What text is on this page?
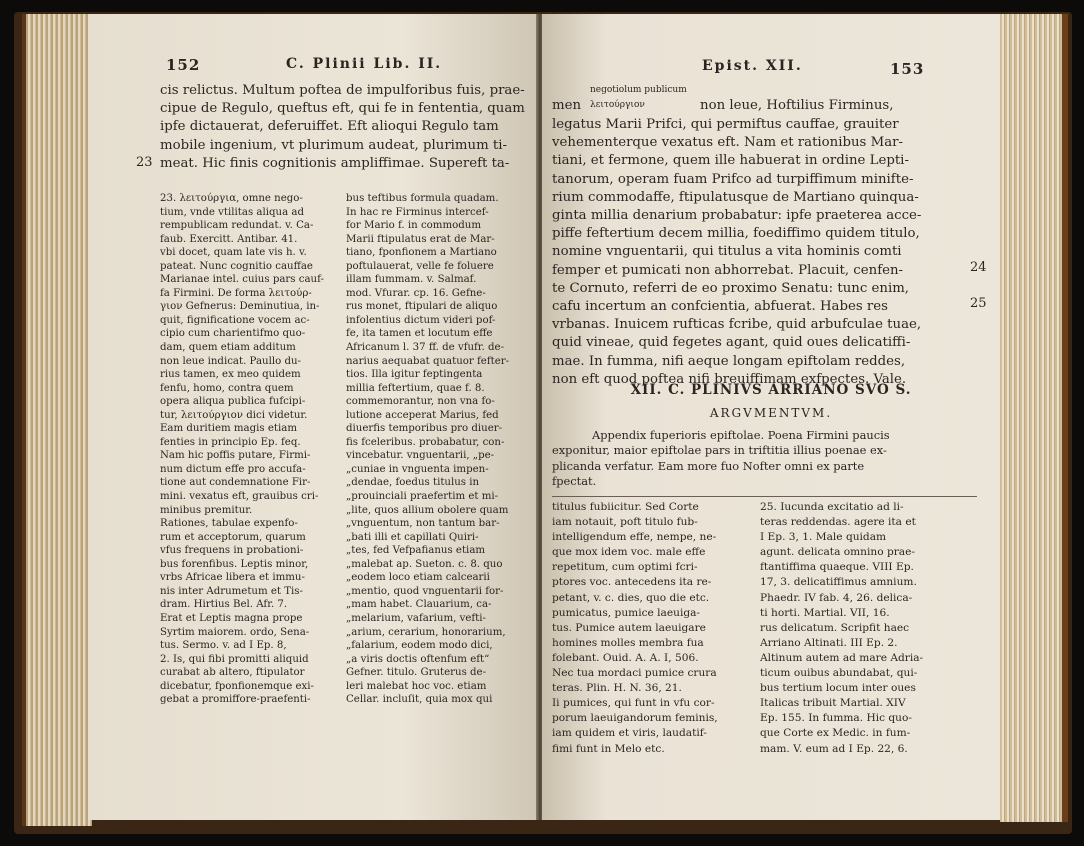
152	C. Plinii Lib. II.

cis relictus. Multum poftea de impulforibus fuis, prae-

cipue de Regulo, queftus eft, qui fe in fententia, quam

ipfe dictauerat, deferuiffet. Eft alioqui Regulo tam

mobile ingenium, vt plurimum audeat, plurimum ti-

meat. Hic finis cognitionis ampliffimae. Supereft ta-

23

23. λειτούργια, omne nego-

tium, vnde vtilitas aliqua ad

rempublicam redundat. v. Ca-

faub. Exercitt. Antibar. 41.

vbi docet, quam late vis h. v.

pateat. Nunc cognitio cauffae

Marianae intel. cuius pars cauf-

fa Firmini. De forma λειτούρ-

γιον Gefnerus: Deminutiua, in-

quit, fignificatione vocem ac-

cipio cum charientifmo quo-

dam, quem etiam additum

non leue indicat. Paullo du-

rius tamen, ex meo quidem

fenfu, homo, contra quem

opera aliqua publica fufcipi-

tur, λειτούργιον dici videtur.

Eam duritiem magis etiam

fenties in principio Ep. feq.

Nam hic poffis putare, Firmi-

num dictum effe pro accufa-

tione aut condemnatione Fir-

mini. vexatus eft, grauibus cri-

minibus premitur.

Rationes, tabulae expenfo-

rum et acceptorum, quarum

vfus frequens in probationi-

bus forenfibus. Leptis minor,

vrbs Africae libera et immu-

nis inter Adrumetum et Tis-

dram. Hirtius Bel. Afr. 7.

Erat et Leptis magna prope

Syrtim maiorem. ordo, Sena-

tus. Sermo. v. ad I Ep. 8,

2. Is, qui fibi promitti aliquid

curabat ab altero, ftipulator

dicebatur, fponfionemque exi-

gebat a promiffore-praefenti-

bus teftibus formula quadam.

In hac re Firminus intercef-

for Mario f. in commodum

Marii ftipulatus erat de Mar-

tiano, fponfionem a Martiano

poftulauerat, velle fe foluere

illam fummam. v. Salmaf.

mod. Vfurar. cp. 16. Gefne-

rus monet, ftipulari de aliquo

infolentius dictum videri pof-

fe, ita tamen et locutum effe

Africanum l. 37 ff. de vfufr. de-

narius aequabat quatuor fefter-

tios. Illa igitur feptingenta

millia feftertium, quae f. 8.

commemorantur, non vna fo-

lutione acceperat Marius, fed

diuerfis temporibus pro diuer-

fis fceleribus. probabatur, con-

vincebatur. vnguentarii, „pe-

„cuniae in vnguenta impen-

„dendae, foedus titulus in

„prouinciali praefertim et mi-

„lite, quos allium obolere quam

„vnguentum, non tantum bar-

„bati illi et capillati Quiri-

„tes, fed Vefpafianus etiam

„malebat ap. Sueton. c. 8. quo

„eodem loco etiam calcearii

„mentio, quod vnguentarii for-

„mam habet. Clauarium, ca-

„melarium, vafarium, vefti-

„arium, cerarium, honorarium,

„falarium, eodem modo dici,

„a viris doctis oftenfum eft“

Gefner. titulo. Gruterus de-

leri malebat hoc voc. etiam

Cellar. incluſit, quia mox qui

Epist. XII.	153
men
negotiolum publicum
λειτούργιον	non leue, Hoftilius Firminus,

legatus Marii Prifci, qui permiftus cauffae, grauiter

vehementerque vexatus eft. Nam et rationibus Mar-

tiani, et fermone, quem ille habuerat in ordine Lepti-

tanorum, operam fuam Prifco ad turpiffimum minifte-

rium commodaffe, ftipulatusque de Martiano quinqua-

ginta millia denarium probabatur: ipfe praeterea acce-

piffe feftertium decem millia, foediffimo quidem titulo,

nomine vnguentarii, qui titulus a vita hominis comti

femper et pumicati non abhorrebat. Placuit, cenfen-

te Cornuto, referri de eo proximo Senatu: tunc enim,

cafu incertum an confcientia, abfuerat. Habes res

vrbanas. Inuicem rufticas fcribe, quid arbufculae tuae,

quid vineae, quid fegetes agant, quid oues delicatiffi-

mae. In fumma, nifi aeque longam epiftolam reddes,

non eft quod poftea nifi breuiffimam exfpectes. Vale.

24
25
XII. C. PLINIVS ARRIANO SVO S.
ARGVMENTVM.

Appendix fuperioris epiftolae. Poena Firmini paucis

exponitur, maior epiftolae pars in triftitia illius poenae ex-

plicanda verfatur. Eam more fuo Nofter omni ex parte

fpectat.

titulus fubiicitur. Sed Corte

iam notauit, poft titulo fub-

intelligendum effe, nempe, ne-

que mox idem voc. male effe

repetitum, cum optimi fcri-

ptores voc. antecedens ita re-

petant, v. c. dies, quo die etc.

pumicatus, pumice laeuiga-

tus. Pumice autem laeuigare

homines molles membra fua

folebant. Ouid. A. A. I, 506.

Nec tua mordaci pumice crura

teras. Plin. H. N. 36, 21.

Ii pumices, qui funt in vfu cor-

porum laeuigandorum feminis,

iam quidem et viris, laudatif-

fimi funt in Melo etc.

25. Iucunda excitatio ad li-

teras reddendas. agere ita et

I Ep. 3, 1. Male quidam

agunt. delicata omnino prae-

ftantiffima quaeque. VIII Ep.

17, 3. delicatiffimus amnium.

Phaedr. IV fab. 4, 26. delica-

ti horti. Martial. VII, 16.

rus delicatum. Scripfit haec

Arriano Altinati. III Ep. 2.

Altinum autem ad mare Adria-

ticum ouibus abundabat, qui-

bus tertium locum inter oues

Italicas tribuit Martial. XIV

Ep. 155. In fumma. Hic quo-

que Corte ex Medic. in fum-

mam. V. eum ad I Ep. 22, 6.
